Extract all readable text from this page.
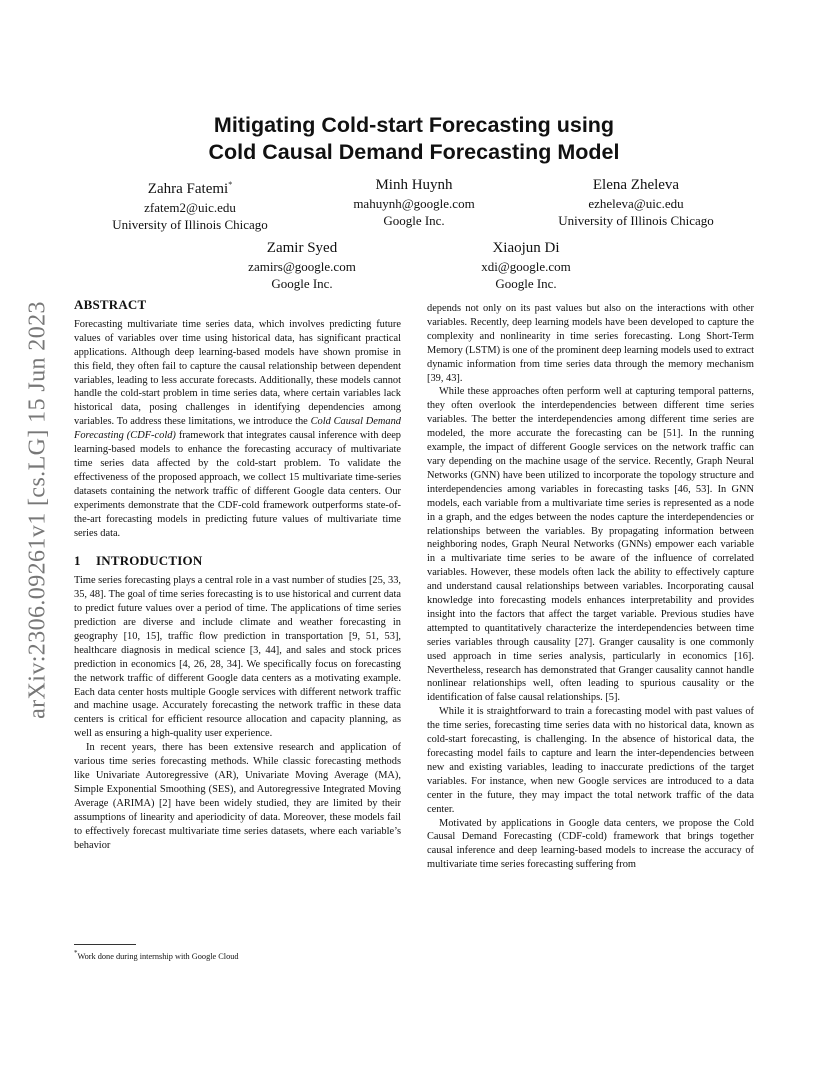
arXiv:2306.09261v1 [cs.LG] 15 Jun 2023
Mitigating Cold-start Forecasting using
Cold Causal Demand Forecasting Model
Zahra Fatemi*
zfatem2@uic.edu
University of Illinois Chicago
Minh Huynh
mahuynh@google.com
Google Inc.
Elena Zheleva
ezheleva@uic.edu
University of Illinois Chicago
Zamir Syed
zamirs@google.com
Google Inc.
Xiaojun Di
xdi@google.com
Google Inc.
ABSTRACT

Forecasting multivariate time series data, which involves predicting future values of variables over time using historical data, has significant practical applications. Although deep learning-based models have shown promise in this field, they often fail to capture the causal relationship between dependent variables, leading to less accurate forecasts. Additionally, these models cannot handle the cold-start problem in time series data, where certain variables lack historical data, posing challenges in identifying dependencies among variables. To address these limitations, we introduce the Cold Causal Demand Forecasting (CDF-cold) framework that integrates causal inference with deep learning-based models to enhance the forecasting accuracy of multivariate time series data affected by the cold-start problem. To validate the effectiveness of the proposed approach, we collect 15 multivariate time-series datasets containing the network traffic of different Google data centers. Our experiments demonstrate that the CDF-cold framework outperforms state-of-the-art forecasting models in predicting future values of multivariate time series data.

1 INTRODUCTION

Time series forecasting plays a central role in a vast number of studies [25, 33, 35, 48]. The goal of time series forecasting is to use historical and current data to predict future values over a period of time. The applications of time series prediction are diverse and include climate and weather forecasting in geography [10, 15], traffic flow prediction in transportation [9, 51, 53], healthcare diagnosis in medical science [3, 44], and sales and stock prices prediction in economics [4, 26, 28, 34]. We specifically focus on forecasting the network traffic of different Google data centers as a motivating example. Each data center hosts multiple Google services with different network traffic and machine usage. Accurately forecasting the network traffic in these data centers is critical for efficient resource allocation and capacity planning, as well as ensuring a high-quality user experience.

In recent years, there has been extensive research and application of various time series forecasting methods. While classic forecasting methods like Univariate Autoregressive (AR), Univariate Moving Average (MA), Simple Exponential Smoothing (SES), and Autoregressive Integrated Moving Average (ARIMA) [2] have been widely studied, they are limited by their assumptions of linearity and aperiodicity of data. Moreover, these models fail to effectively forecast multivariate time series datasets, where each variable’s behavior

depends not only on its past values but also on the interactions with other variables. Recently, deep learning models have been developed to capture the complexity and nonlinearity in time series forecasting. Long Short-Term Memory (LSTM) is one of the prominent deep learning models used to extract dynamic information from time series data through the memory mechanism [39, 43].

While these approaches often perform well at capturing temporal patterns, they often overlook the interdependencies between different time series variables. The better the interdependencies among different time series are modeled, the more accurate the forecasting can be [51]. In the running example, the impact of different Google services on the network traffic can vary depending on the machine usage of the service. Recently, Graph Neural Networks (GNN) have been utilized to incorporate the topology structure and interdependencies among variables in forecasting tasks [46, 53]. In GNN models, each variable from a multivariate time series is represented as a node in a graph, and the edges between the nodes capture the interdependencies or relationships between the variables. By propagating information between neighboring nodes, Graph Neural Networks (GNNs) empower each variable in a multivariate time series to be aware of the influence of correlated variables. However, these models often lack the ability to effectively capture and understand causal relationships between variables. Incorporating causal knowledge into forecasting models enhances interpretability and provides insight into the factors that affect the target variable. Previous studies have attempted to quantitatively characterize the interdependencies between time series variables through causality [27]. Granger causality is one commonly used approach in time series analysis, particularly in economics [16]. Nevertheless, research has demonstrated that Granger causality cannot handle nonlinear relationships well, often leading to spurious causality or the identification of false causal relationships. [5].

While it is straightforward to train a forecasting model with past values of the time series, forecasting time series data with no historical data, known as cold-start forecasting, is challenging. In the absence of historical data, the forecasting model fails to capture and learn the inter-dependencies between new and existing variables, leading to inaccurate predictions of the target variables. For instance, when new Google services are introduced to a data center in the future, they may impact the total network traffic of the data center.

Motivated by applications in Google data centers, we propose the Cold Causal Demand Forecasting (CDF-cold) framework that brings together causal inference and deep learning-based models to increase the accuracy of multivariate time series forecasting suffering from

*Work done during internship with Google Cloud
